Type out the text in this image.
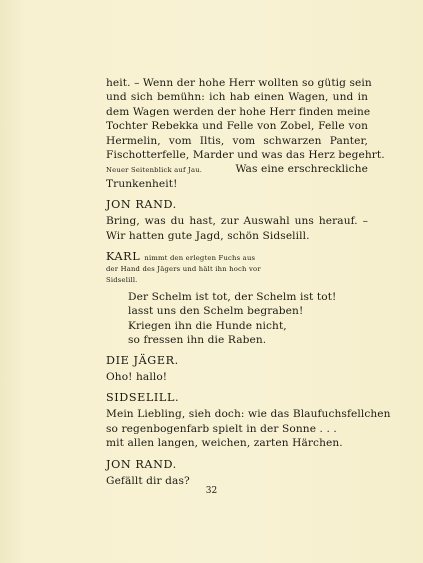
heit. – Wenn der hohe Herr wollten so gütig sein
und sich bemühn: ich hab einen Wagen, und in
dem Wagen werden der hohe Herr finden meine
Tochter Rebekka und Felle von Zobel, Felle von
Hermelin, vom Iltis, vom schwarzen Panter,
Fischotterfelle, Marder und was das Herz begehrt.
Neuer Seitenblick auf Jau.	Was eine erschreckliche
Trunkenheit!
JON RAND.
Bring, was du hast, zur Auswahl uns herauf. –
Wir hatten gute Jagd, schön Sidselill.
KARL nimmt den erlegten Fuchs aus
der Hand des Jägers und hält ihn hoch vor
Sidselill.
Der Schelm ist tot, der Schelm ist tot!
lasst uns den Schelm begraben!
Kriegen ihn die Hunde nicht,
so fressen ihn die Raben.
DIE JÄGER.
Oho! hallo!
SIDSELILL.
Mein Liebling, sieh doch: wie das Blaufuchsfellchen
so regenbogenfarb spielt in der Sonne . . .
mit allen langen, weichen, zarten Härchen.
JON RAND.
Gefällt dir das?
32
